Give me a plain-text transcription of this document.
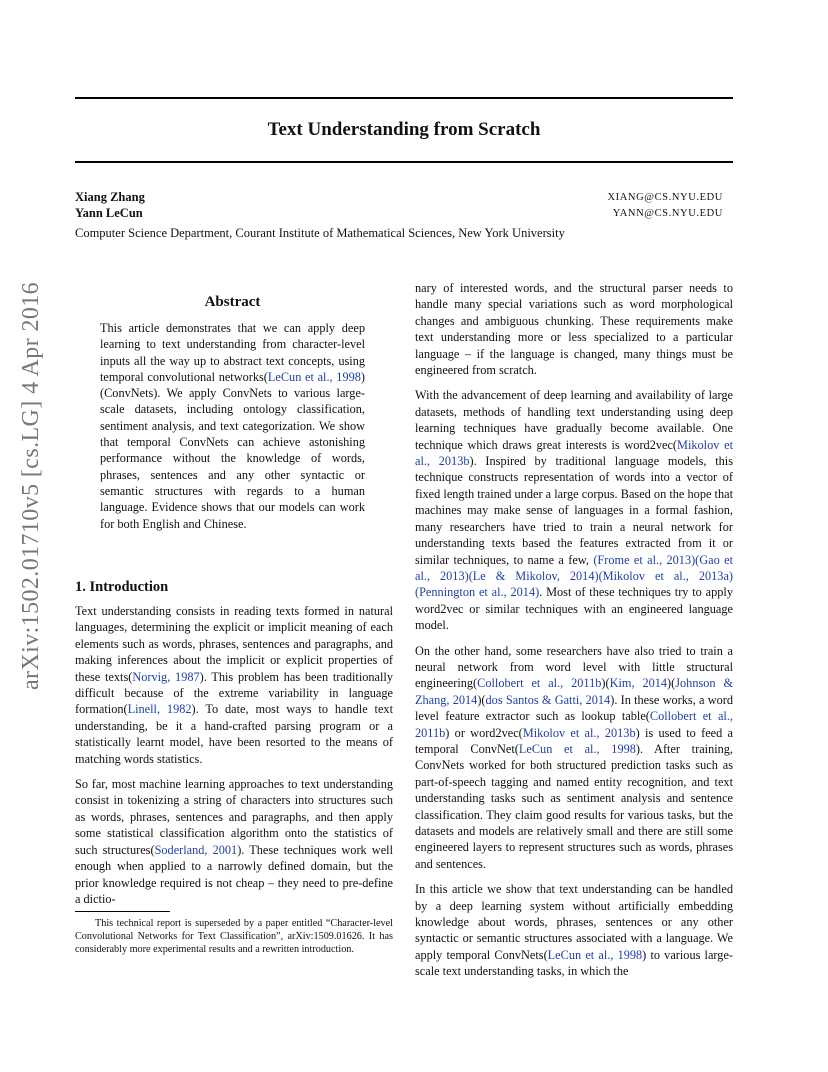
Text Understanding from Scratch
Xiang Zhang	XIANG@CS.NYU.EDU
Yann LeCun	YANN@CS.NYU.EDU
Computer Science Department, Courant Institute of Mathematical Sciences, New York University
arXiv:1502.01710v5 [cs.LG] 4 Apr 2016	Abstract

This article demonstrates that we can apply deep learning to text understanding from character-level inputs all the way up to abstract text concepts, using temporal convolutional networks(LeCun et al., 1998) (ConvNets). We apply ConvNets to various large-scale datasets, including ontology classification, sentiment analysis, and text categorization. We show that temporal ConvNets can achieve astonishing performance without the knowledge of words, phrases, sentences and any other syntactic or semantic structures with regards to a human language. Evidence shows that our models can work for both English and Chinese.

1. Introduction

Text understanding consists in reading texts formed in natural languages, determining the explicit or implicit meaning of each elements such as words, phrases, sentences and paragraphs, and making inferences about the implicit or explicit properties of these texts(Norvig, 1987). This problem has been traditionally difficult because of the extreme variability in language formation(Linell, 1982). To date, most ways to handle text understanding, be it a hand-crafted parsing program or a statistically learnt model, have been resorted to the means of matching words statistics.

So far, most machine learning approaches to text understanding consist in tokenizing a string of characters into structures such as words, phrases, sentences and paragraphs, and then apply some statistical classification algorithm onto the statistics of such structures(Soderland, 2001). These techniques work well enough when applied to a narrowly defined domain, but the prior knowledge required is not cheap – they need to pre-define a dictio-

This technical report is superseded by a paper entitled “Character-level Convolutional Networks for Text Classification”, arXiv:1509.01626. It has considerably more experimental results and a rewritten introduction.

nary of interested words, and the structural parser needs to handle many special variations such as word morphological changes and ambiguous chunking. These requirements make text understanding more or less specialized to a particular language – if the language is changed, many things must be engineered from scratch.

With the advancement of deep learning and availability of large datasets, methods of handling text understanding using deep learning techniques have gradually become available. One technique which draws great interests is word2vec(Mikolov et al., 2013b). Inspired by traditional language models, this technique constructs representation of words into a vector of fixed length trained under a large corpus. Based on the hope that machines may make sense of languages in a formal fashion, many researchers have tried to train a neural network for understanding texts based the features extracted from it or similar techniques, to name a few, (Frome et al., 2013)(Gao et al., 2013)(Le & Mikolov, 2014)(Mikolov et al., 2013a)(Pennington et al., 2014). Most of these techniques try to apply word2vec or similar techniques with an engineered language model.

On the other hand, some researchers have also tried to train a neural network from word level with little structural engineering(Collobert et al., 2011b)(Kim, 2014)(Johnson & Zhang, 2014)(dos Santos & Gatti, 2014). In these works, a word level feature extractor such as lookup table(Collobert et al., 2011b) or word2vec(Mikolov et al., 2013b) is used to feed a temporal ConvNet(LeCun et al., 1998). After training, ConvNets worked for both structured prediction tasks such as part-of-speech tagging and named entity recognition, and text understanding tasks such as sentiment analysis and sentence classification. They claim good results for various tasks, but the datasets and models are relatively small and there are still some engineered layers to represent structures such as words, phrases and sentences.

In this article we show that text understanding can be handled by a deep learning system without artificially embedding knowledge about words, phrases, sentences or any other syntactic or semantic structures associated with a language. We apply temporal ConvNets(LeCun et al., 1998) to various large-scale text understanding tasks, in which the
